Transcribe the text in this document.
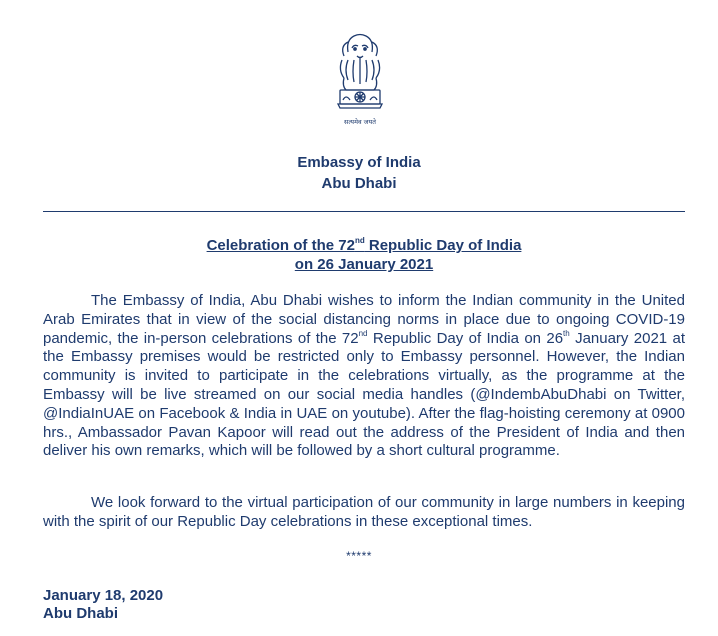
सत्यमेव जयते
Embassy of India
Abu Dhabi
Celebration of the 72nd Republic Day of India
on 26 January 2021
The Embassy of India, Abu Dhabi wishes to inform the Indian community in the United Arab Emirates that in view of the social distancing norms in place due to ongoing COVID-19 pandemic, the in-person celebrations of the 72nd Republic Day of India on 26th January 2021 at the Embassy premises would be restricted only to Embassy personnel. However, the Indian community is invited to participate in the celebrations virtually, as the programme at the Embassy will be live streamed on our social media handles (@IndembAbuDhabi on Twitter, @IndiaInUAE on Facebook & India in UAE on youtube). After the flag-hoisting ceremony at 0900 hrs., Ambassador Pavan Kapoor will read out the address of the President of India and then deliver his own remarks, which will be followed by a short cultural programme.
We look forward to the virtual participation of our community in large numbers in keeping with the spirit of our Republic Day celebrations in these exceptional times.
*****
January 18, 2020
Abu Dhabi
